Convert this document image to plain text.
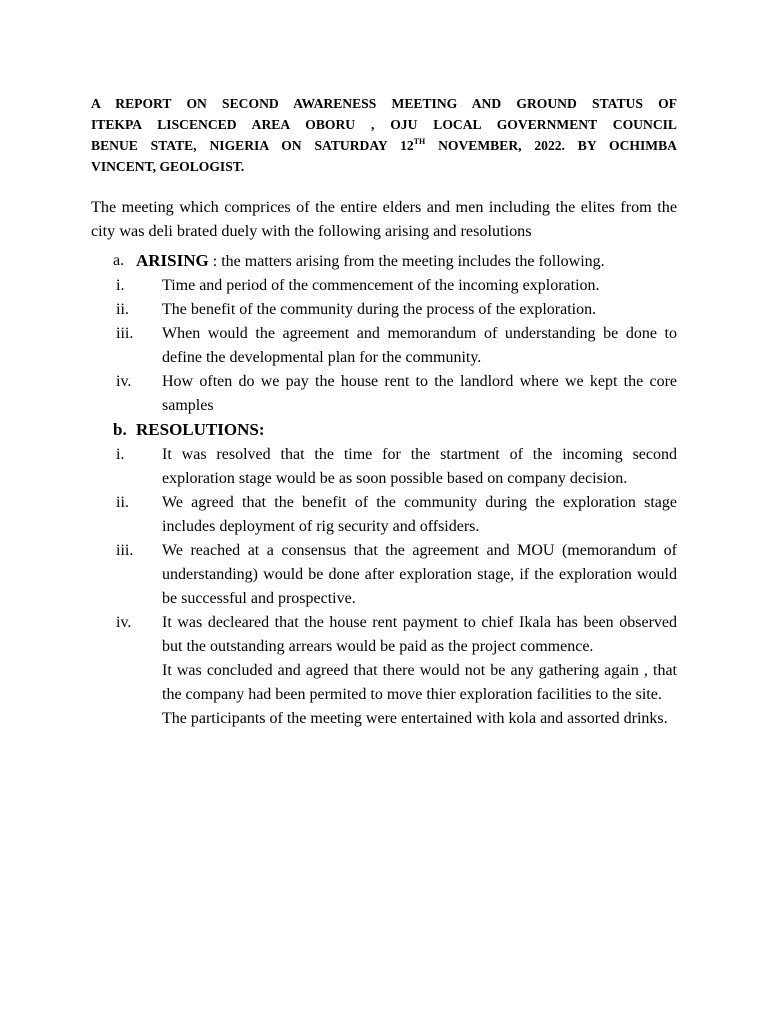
A REPORT ON SECOND AWARENESS MEETING AND GROUND STATUS OF
ITEKPA LISCENCED AREA OBORU , OJU LOCAL GOVERNMENT COUNCIL
BENUE STATE, NIGERIA ON SATURDAY 12TH NOVEMBER, 2022. BY OCHIMBA
VINCENT, GEOLOGIST.

The meeting which comprices of the entire elders and men including the elites from the city was deli brated duely with the following arising and resolutions

a. ARISING : the matters arising from the meeting includes the following.
i. Time and period of the commencement of the incoming exploration.
ii. The benefit of the community during the process of the exploration.
iii. When would the agreement and memorandum of understanding be done to define the developmental plan for the community.
iv. How often do we pay the house rent to the landlord where we kept the core samples
b. RESOLUTIONS:
i. It was resolved that the time for the startment of the incoming second exploration stage would be as soon possible based on company decision.
ii. We agreed that the benefit of the community during the exploration stage includes deployment of rig security and offsiders.
iii. We reached at a consensus that the agreement and MOU (memorandum of understanding) would be done after exploration stage, if the exploration would be successful and prospective.
iv. It was decleared that the house rent payment to chief Ikala has been observed but the outstanding arrears would be paid as the project commence.
It was concluded and agreed that there would not be any gathering again , that the company had been permited to move thier exploration facilities to the site.
The participants of the meeting were entertained with kola and assorted drinks.
